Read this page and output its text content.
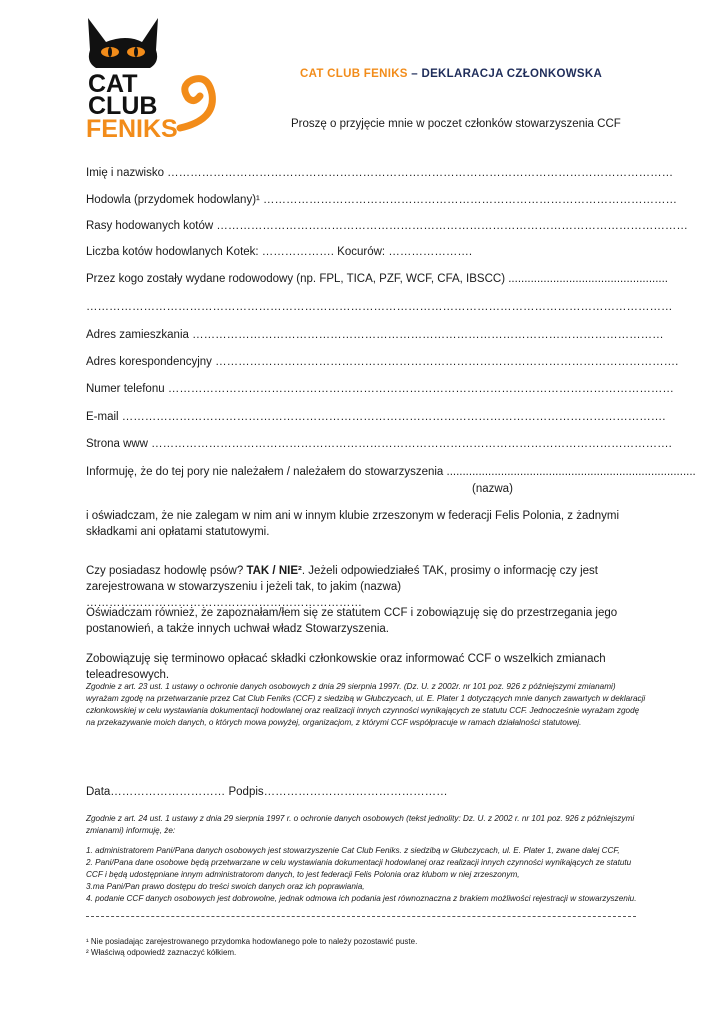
CAT
CLUB
FENIKS
CAT CLUB FENIKS – DEKLARACJA CZŁONKOWSKA
Proszę o przyjęcie mnie w poczet członków stowarzyszenia CCF
Imię i nazwisko ……………………………………………………………………………………………………………………
Hodowla (przydomek hodowlany)¹ ………………………………………………………………………………………………
Rasy hodowanych kotów ……………………………………………………………………………………………………………
Liczba kotów hodowlanych Kotek: ………………. Kocurów: ………………….
Przez kogo zostały wydane rodowodowy (np. FPL, TICA, PZF, WCF, CFA, IBSCC) ..................................................
………………………………………………………………………………………………………………………………………
Adres zamieszkania ……………………………………………………………………………………………………………
Adres korespondencyjny ………………………………………………………………………………………………………….
Numer telefonu ……………………………………………………………………………………………………………………
E-mail …………………………………………………………………………………………………………………………….
Strona www ……………………………………………………………………………………………………………………….
Informuję, że do tej pory nie należałem / należałem do stowarzyszenia ..............................................................................
(nazwa)
i oświadczam, że nie zalegam w nim ani w innym klubie zrzeszonym w federacji Felis Polonia, z żadnymi składkami ani opłatami statutowymi.
Czy posiadasz hodowlę psów? TAK / NIE². Jeżeli odpowiedziałeś TAK, prosimy o informację czy jest zarejestrowana w stowarzyszeniu i jeżeli tak, to jakim (nazwa) ………………………………………………………………
Oświadczam również, że zapoznałam/łem się ze statutem CCF i zobowiązuję się do przestrzegania jego postanowień, a także innych uchwał władz Stowarzyszenia.
Zobowiązuję się terminowo opłacać składki członkowskie oraz informować CCF o wszelkich zmianach teleadresowych.
Zgodnie z art. 23 ust. 1 ustawy o ochronie danych osobowych z dnia 29 sierpnia 1997r. (Dz. U. z 2002r. nr 101 poz. 926 z późniejszymi zmianami) wyrażam zgodę na przetwarzanie przez Cat Club Feniks (CCF) z siedzibą w Głubczycach, ul. E. Plater 1 dotyczących mnie danych zawartych w deklaracji członkowskiej w celu wystawiania dokumentacji hodowlanej oraz realizacji innych czynności wynikających ze statutu CCF. Jednocześnie wyrażam zgodę na przekazywanie moich danych, o których mowa powyżej, organizacjom, z którymi CCF współpracuje w ramach działalności statutowej.
Data………………………… Podpis…………………………………………
Zgodnie z art. 24 ust. 1 ustawy z dnia 29 sierpnia 1997 r. o ochronie danych osobowych (tekst jednolity: Dz. U. z 2002 r. nr 101 poz. 926 z późniejszymi zmianami) informuję, że:
1. administratorem Pani/Pana danych osobowych jest stowarzyszenie Cat Club Feniks. z siedzibą w Głubczycach, ul. E. Plater 1, zwane dalej CCF,
2. Pani/Pana dane osobowe będą przetwarzane w celu wystawiania dokumentacji hodowlanej oraz realizacji innych czynności wynikających ze statutu CCF i będą udostępniane innym administratorom danych, to jest federacji Felis Polonia oraz klubom w niej zrzeszonym,
3.ma Pani/Pan prawo dostępu do treści swoich danych oraz ich poprawiania,
4. podanie CCF danych osobowych jest dobrowolne, jednak odmowa ich podania jest równoznaczna z brakiem możliwości rejestracji w stowarzyszeniu.
¹ Nie posiadając zarejestrowanego przydomka hodowlanego pole to należy pozostawić puste.
² Właściwą odpowiedź zaznaczyć kółkiem.
